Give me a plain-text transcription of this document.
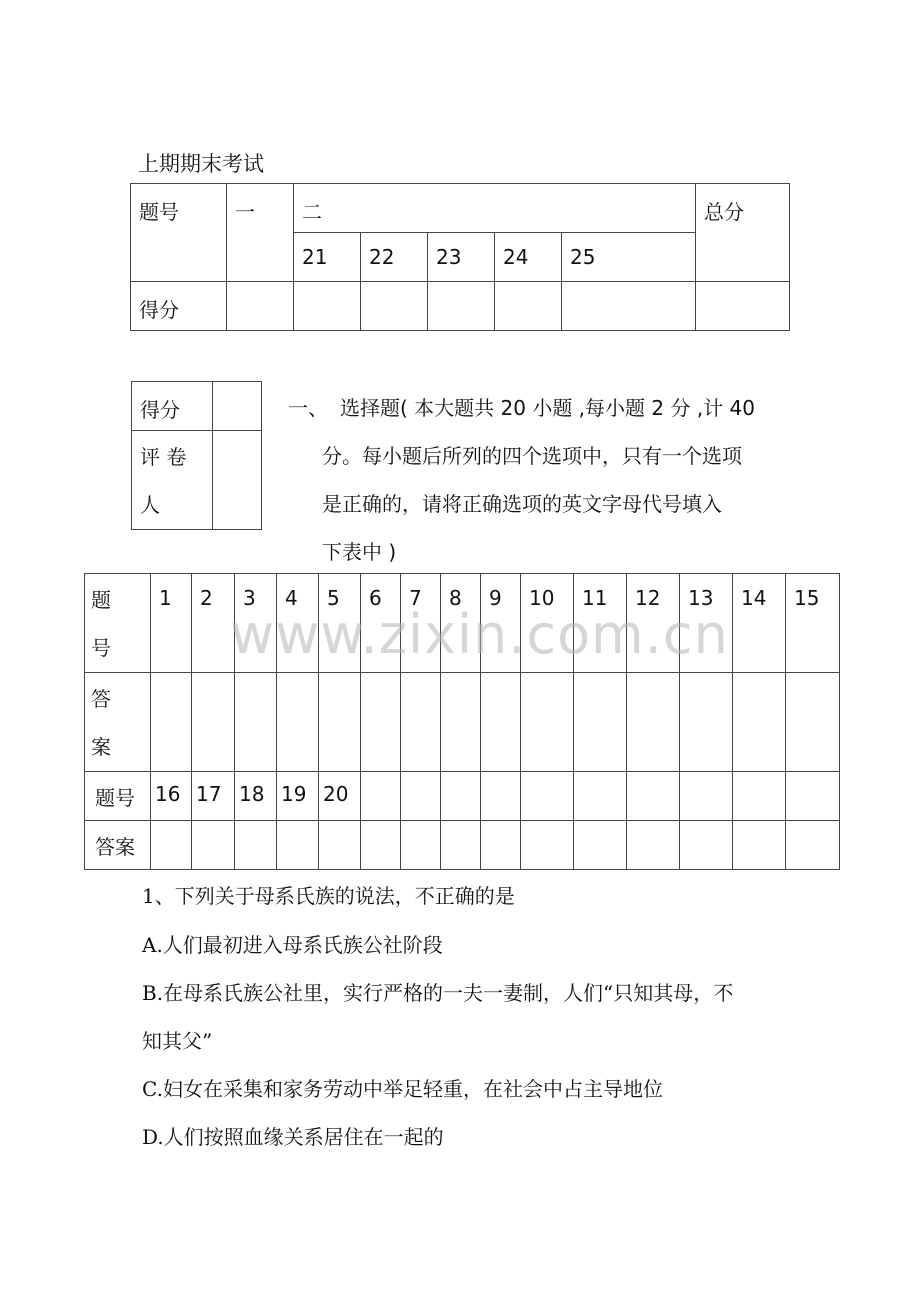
上期期末考试
题号	一	二					总分
		21	22	23	24	25	
得分							
得分	

评 卷
人	

一、 选择题( 本大题共 20 小题 ,每小题 2 分 ,计 40
分。每小题后所列的四个选项中，只有一个选项
是正确的，请将正确选项的英文字母代号填入
下表中 )
题
号	1	2	3	4	5	6	7	8	9	10	11	12	13	14	15

答
案															

题号	16	17	18	19	20										
答案															
www.zixin.com.cn
1、下列关于母系氏族的说法，不正确的是
A.人们最初进入母系氏族公社阶段
B.在母系氏族公社里，实行严格的一夫一妻制，人们“只知其母，不
知其父”
C.妇女在采集和家务劳动中举足轻重，在社会中占主导地位
D.人们按照血缘关系居住在一起的
